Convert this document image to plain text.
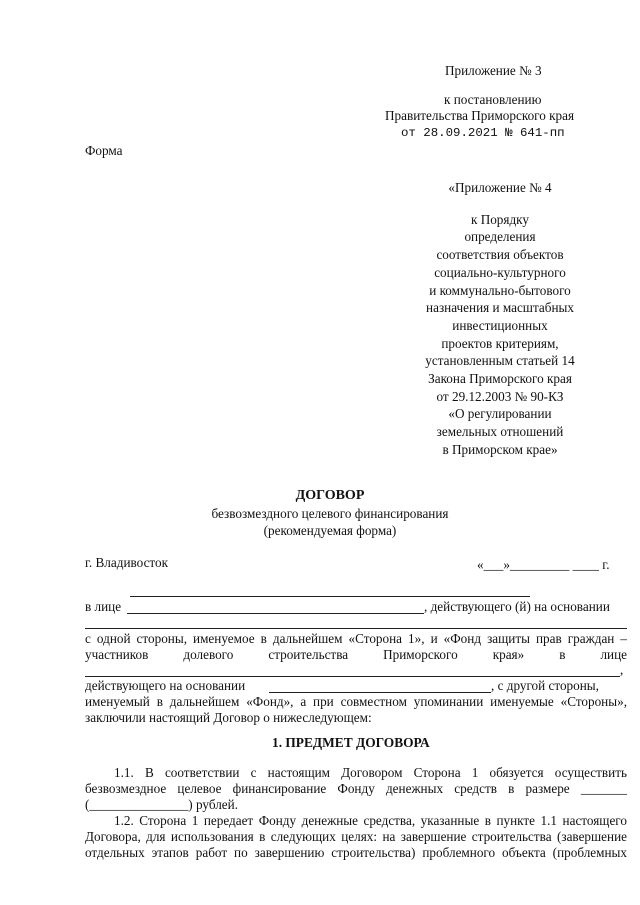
Приложение № 3
к постановлению
Правительства Приморского края
от 28.09.2021 № 641-пп
Форма
«Приложение № 4
к Порядку
определения
соответствия объектов
социально-культурного
и коммунально-бытового
назначения и масштабных
инвестиционных
проектов критериям,
установленным статьей 14
Закона Приморского края
от 29.12.2003 № 90-КЗ
«О регулировании
земельных отношений
в Приморском крае»
ДОГОВОР
безвозмездного целевого финансирования
(рекомендуемая форма)
г. Владивосток	«___»_________ ____ г.
в лице	, действующего (й) на основании
с одной стороны, именуемое в дальнейшем «Сторона 1», и «Фонд защиты прав граждан –
участников	долевого	строительства	Приморского	края»	в	лице
,
действующего на основании	, с другой стороны,
именуемый в дальнейшем «Фонд», а при совместном упоминании именуемые «Стороны»,
заключили настоящий Договор о нижеследующем:
1. ПРЕДМЕТ ДОГОВОРА
1.1. В соответствии с настоящим Договором Сторона 1 обязуется осуществить
безвозмездное целевое финансирование Фонду денежных средств в размере _______
(_______________) рублей.
1.2. Сторона 1 передает Фонду денежные средства, указанные в пункте 1.1 настоящего
Договора, для использования в следующих целях: на завершение строительства (завершение
отдельных этапов работ по завершению строительства) проблемного объекта (проблемных
